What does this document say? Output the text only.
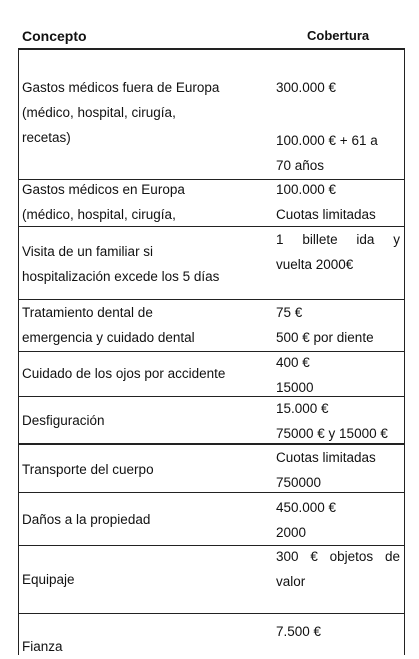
Concepto	Cobertura
Gastos médicos fuera de Europa
(médico, hospital, cirugía,
recetas)
300.000 €
100.000 € + 61 a
70 años
Gastos médicos en Europa
(médico, hospital, cirugía,
100.000 €
Cuotas limitadas
Visita de un familiar si
hospitalización excede los 5 días
1 billete ida y
vuelta 2000€
Tratamiento dental de
emergencia y cuidado dental
75 €
500 € por diente
Cuidado de los ojos por accidente
400 €
15000
Desfiguración
15.000 €
75000 € y 15000 €
Transporte del cuerpo
Cuotas limitadas
750000
Daños a la propiedad
450.000 €
2000
Equipaje
300 € objetos de
valor
Fianza
7.500 €
